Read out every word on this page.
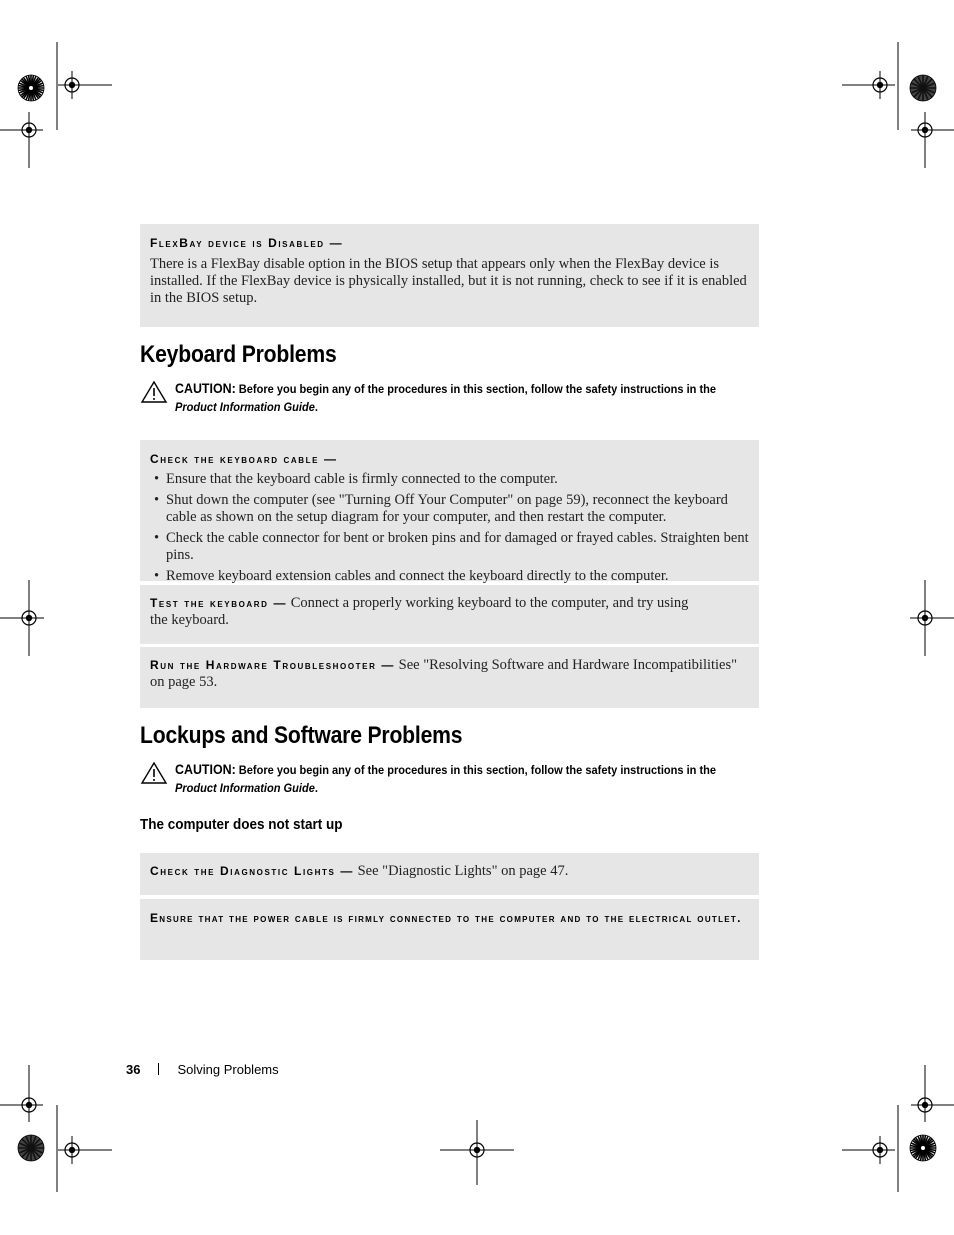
FlexBay device is Disabled —
There is a FlexBay disable option in the BIOS setup that appears only when the FlexBay device is installed. If the FlexBay device is physically installed, but it is not running, check to see if it is enabled in the BIOS setup.
Keyboard Problems
CAUTION: Before you begin any of the procedures in this section, follow the safety instructions in the
Product Information Guide.
Check the keyboard cable —
• Ensure that the keyboard cable is firmly connected to the computer.
• Shut down the computer (see "Turning Off Your Computer" on page 59), reconnect the keyboard cable as shown on the setup diagram for your computer, and then restart the computer.
• Check the cable connector for bent or broken pins and for damaged or frayed cables. Straighten bent pins.
• Remove keyboard extension cables and connect the keyboard directly to the computer.
Test the keyboard — Connect a properly working keyboard to the computer, and try using the keyboard.
Run the Hardware Troubleshooter — See "Resolving Software and Hardware Incompatibilities" on page 53.
Lockups and Software Problems
CAUTION: Before you begin any of the procedures in this section, follow the safety instructions in the
Product Information Guide.
The computer does not start up
Check the Diagnostic Lights — See "Diagnostic Lights" on page 47.
Ensure that the power cable is firmly connected to the computer and to the electrical outlet.
36	Solving Problems
